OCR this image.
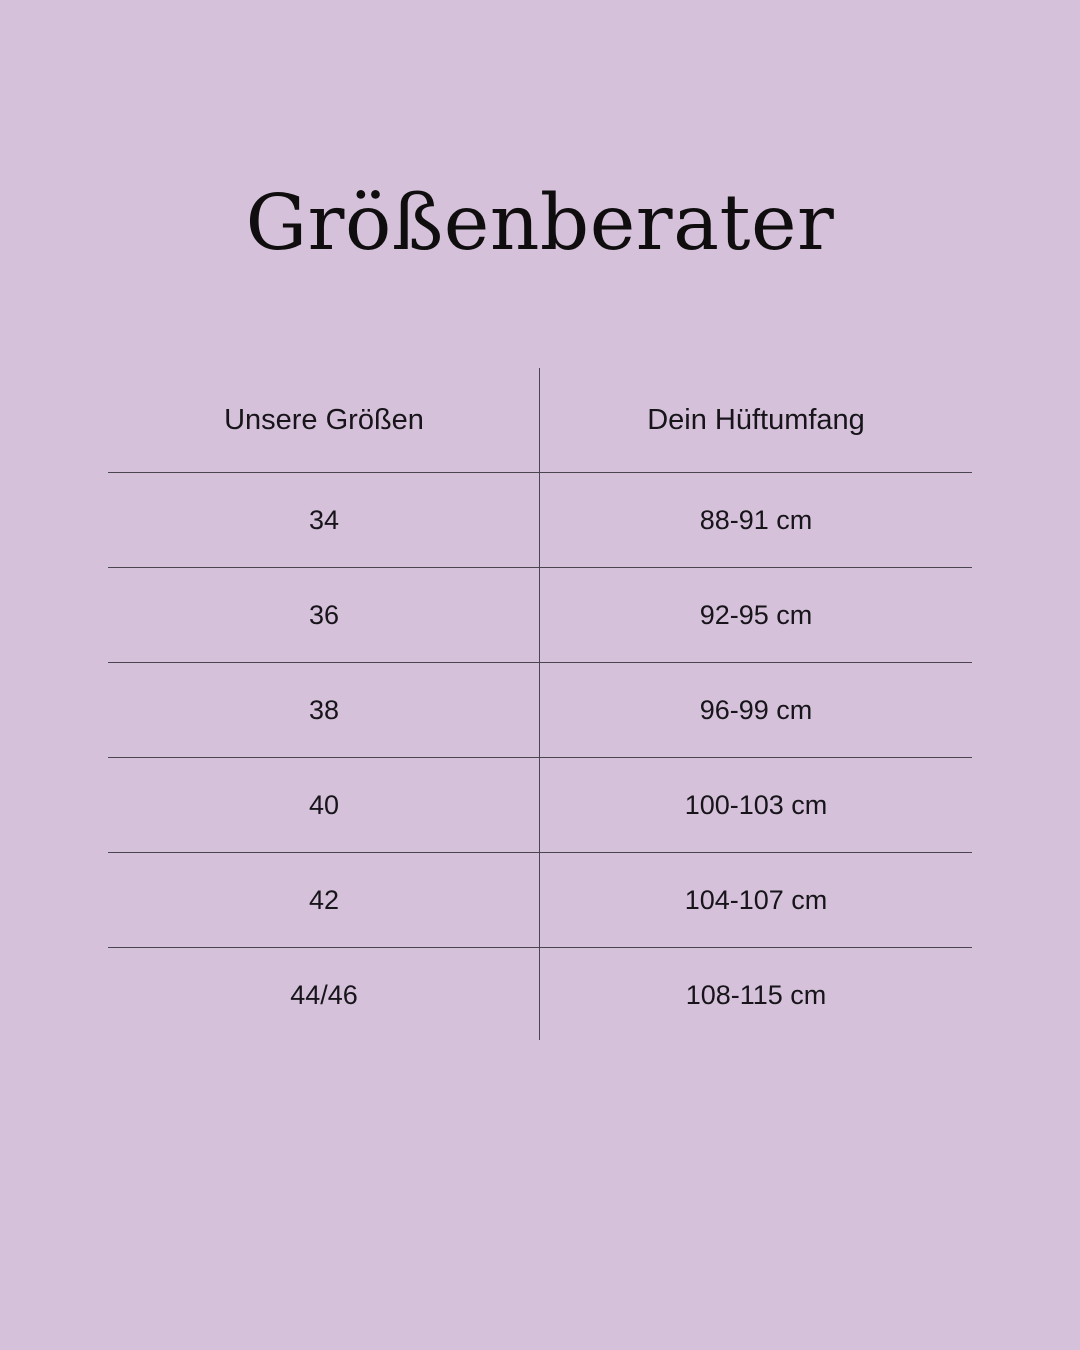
Größenberater
Unsere Größen	Dein Hüftumfang
34	88-91 cm
36	92-95 cm
38	96-99 cm
40	100-103 cm
42	104-107 cm
44/46	108-115 cm
